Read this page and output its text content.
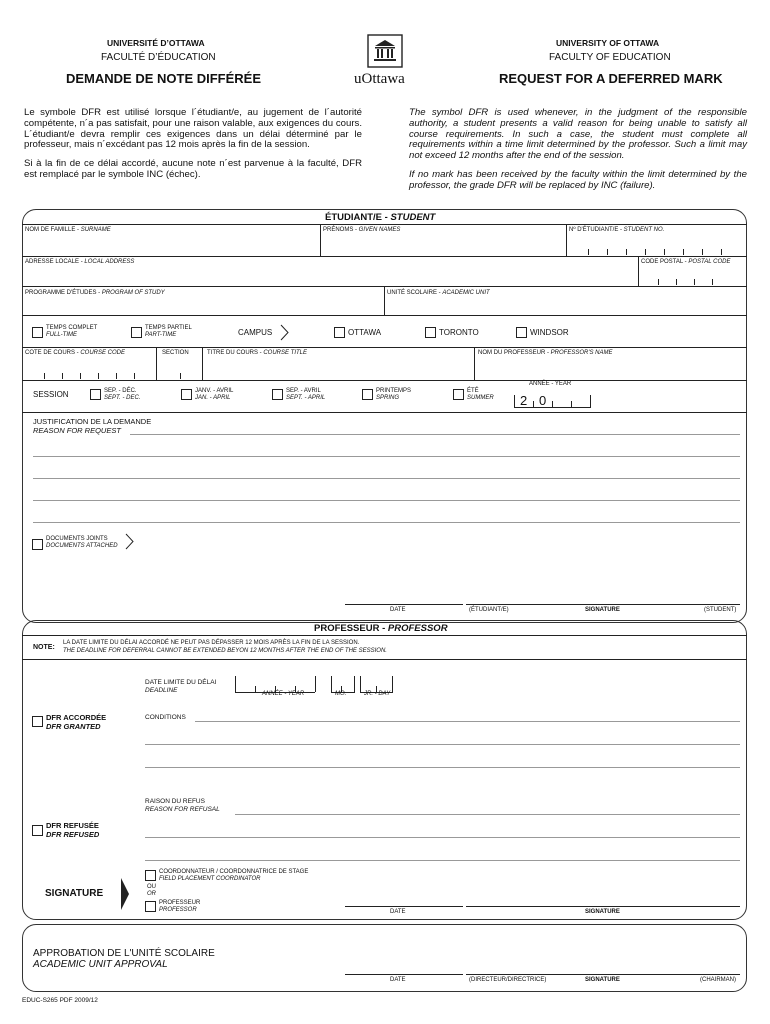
UNIVERSITÉ D’OTTAWA
FACULTÉ D’ÉDUCATION
DEMANDE DE NOTE DIFFÉRÉE
UNIVERSITY OF OTTAWA
FACULTY OF EDUCATION
REQUEST FOR A DEFERRED MARK
uOttawa
Le symbole DFR est utilisé lorsque l´étudiant/e, au jugement de l´autorité compétente, n´a pas satisfait, pour une raison valable, aux exigences du cours. L´étudiant/e devra remplir ces exigences dans un délai déterminé par le professeur, mais n´excédant pas 12 mois après la fin de la session.
Si à la fin de ce délai accordé, aucune note n´est parvenue à la faculté, DFR est remplacé par le symbole INC (échec).
The symbol DFR is used whenever, in the judgment of the responsible authority, a student presents a valid reason for being unable to satisfy all course requirements. In such a case, the student must complete all requirements within a time limit determined by the professor. Such a limit may not exceed 12 months after the end of the session.
If no mark has been received by the faculty within the limit determined by the professor, the grade DFR will be replaced by INC (failure).
ÉTUDIANT/E - STUDENT
NOM DE FAMILLE - SURNAME	PRÉNOMS - GIVEN NAMES	Nº D'ÉTUDIANT/E - STUDENT NO.
ADRESSE LOCALE - LOCAL ADDRESS	CODE POSTAL - POSTAL CODE
PROGRAMME D'ÉTUDES - PROGRAM OF STUDY	UNITÉ SCOLAIRE - ACADEMIC UNIT
TEMPS COMPLET
FULL-TIME
TEMPS PARTIEL
PART-TIME	CAMPUS	OTTAWA	TORONTO	WINDSOR
COTE DE COURS - COURSE CODE	SECTION	TITRE DU COURS - COURSE TITLE	NOM DU PROFESSEUR - PROFESSOR'S NAME
SESSION	SEP. - DÉC.
SEPT. - DEC.
JANV. - AVRIL
JAN. - APRIL
SEP. - AVRIL
SEPT. - APRIL
PRINTEMPS
SPRING
ÉTÉ
SUMMER
ANNÉE - YEAR
2 0
JUSTIFICATION DE LA DEMANDE
REASON FOR REQUEST
DOCUMENTS JOINTS
DOCUMENTS ATTACHED
DATE	(ÉTUDIANT/E)	SIGNATURE	(STUDENT)
PROFESSEUR - PROFESSOR
NOTE:
LA DATE LIMITE DU DÉLAI ACCORDÉ NE PEUT PAS DÉPASSER 12 MOIS APRÈS LA FIN DE LA SESSION.
THE DEADLINE FOR DEFERRAL CANNOT BE EXTENDED BEYON 12 MONTHS AFTER THE END OF THE SESSION.
DATE LIMITE DU DÉLAI
DEADLINE
ANNÉE - YEAR	MO.	JR. - DAY
DFR ACCORDÉE
DFR GRANTED
CONDITIONS
RAISON DU REFUS
REASON FOR REFUSAL
DFR REFUSÉE
DFR REFUSED
SIGNATURE
COORDONNATEUR / COORDONNATRICE DE STAGE
FIELD PLACEMENT COORDINATOR
OU
OR
PROFESSEUR
PROFESSOR	DATE	SIGNATURE
APPROBATION DE L'UNITÉ SCOLAIRE
ACADEMIC UNIT APPROVAL
DATE	(DIRECTEUR/DIRECTRICE)	SIGNATURE	(CHAIRMAN)
EDUC-S265 PDF 2009/12
